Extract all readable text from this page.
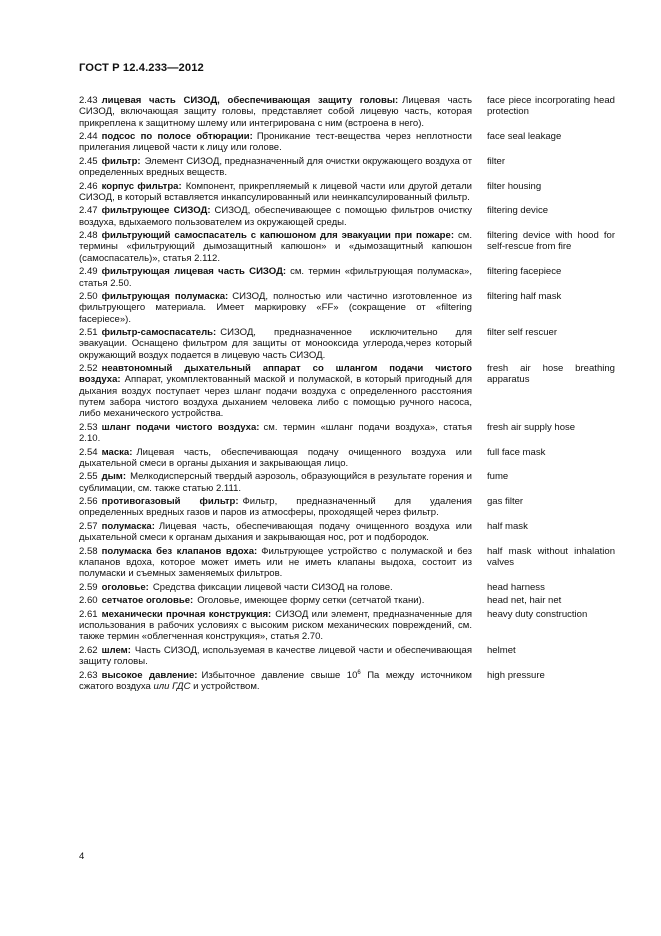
ГОСТ Р 12.4.233—2012
2.43 лицевая часть СИЗОД, обеспечивающая защиту головы: Лицевая часть СИЗОД, включающая защиту головы, представляет собой лицевую часть, которая прикреплена к защитному шлему или интегрирована с ним (встроена в него).
face piece incorporating head protection
2.44 подсос по полосе обтюрации: Проникание тест-вещества через неплотности прилегания лицевой части к лицу или голове.
face seal leakage
2.45 фильтр: Элемент СИЗОД, предназначенный для очистки окружающего воздуха от определенных вредных веществ.
filter
2.46 корпус фильтра: Компонент, прикрепляемый к лицевой части или другой детали СИЗОД, в который вставляется инкапсулированный или неинкапсулированный фильтр.
filter housing
2.47 фильтрующее СИЗОД: СИЗОД, обеспечивающее с помощью фильтров очистку воздуха, вдыхаемого пользователем из окружающей среды.
filtering device
2.48 фильтрующий самоспасатель с капюшоном для эвакуации при пожаре: см. термины «фильтрующий дымозащитный капюшон» и «дымозащитный капюшон (самоспасатель)», статья 2.112.
filtering device with hood for self-rescue from fire
2.49 фильтрующая лицевая часть СИЗОД: см. термин «фильтрующая полумаска», статья 2.50.
filtering facepiece
2.50 фильтрующая полумаска: СИЗОД, полностью или частично изготовленное из фильтрующего материала. Имеет маркировку «FF» (сокращение от «filtering facepiece»).
filtering half mask
2.51 фильтр-самоспасатель: СИЗОД, предназначенное исключительно для эвакуации. Оснащено фильтром для защиты от монооксида углерода,через который окружающий воздух подается в лицевую часть СИЗОД.
filter self rescuer
2.52 неавтономный дыхательный аппарат со шлангом подачи чистого воздуха: Аппарат, укомплектованный маской и полумаской, в который пригодный для дыхания воздух поступает через шланг подачи воздуха с определенного расстояния путем забора чистого воздуха дыханием человека либо с помощью ручного насоса, либо механического устройства.
fresh air hose breathing apparatus
2.53 шланг подачи чистого воздуха: см. термин «шланг подачи воздуха», статья 2.10.
fresh air supply hose
2.54 маска: Лицевая часть, обеспечивающая подачу очищенного воздуха или дыхательной смеси в органы дыхания и закрывающая лицо.
full face mask
2.55 дым: Мелкодисперсный твердый аэрозоль, образующийся в результате горения и сублимации, см. также статью 2.111.
fume
2.56 противогазовый фильтр: Фильтр, предназначенный для удаления определенных вредных газов и паров из атмосферы, проходящей через фильтр.
gas filter
2.57 полумаска: Лицевая часть, обеспечивающая подачу очищенного воздуха или дыхательной смеси к органам дыхания и закрывающая нос, рот и подбородок.
half mask
2.58 полумаска без клапанов вдоха: Фильтрующее устройство с полумаской и без клапанов вдоха, которое может иметь или не иметь клапаны выдоха, состоит из полумаски и съемных заменяемых фильтров.
half mask without inhalation valves
2.59 оголовье: Средства фиксации лицевой части СИЗОД на голове.	head harness
2.60 сетчатое оголовье: Оголовье, имеющее форму сетки (сетчатой ткани).	head net, hair net
2.61 механически прочная конструкция: СИЗОД или элемент, предназначенные для использования в рабочих условиях с высоким риском механических повреждений, см. также термин «облегченная конструкция», статья 2.70.
heavy duty construction
2.62 шлем: Часть СИЗОД, используемая в качестве лицевой части и обеспечивающая защиту головы.
helmet
2.63 высокое давление: Избыточное давление свыше $10^6$ Па между источником сжатого воздуха или ГДС и устройством.
high pressure
4
